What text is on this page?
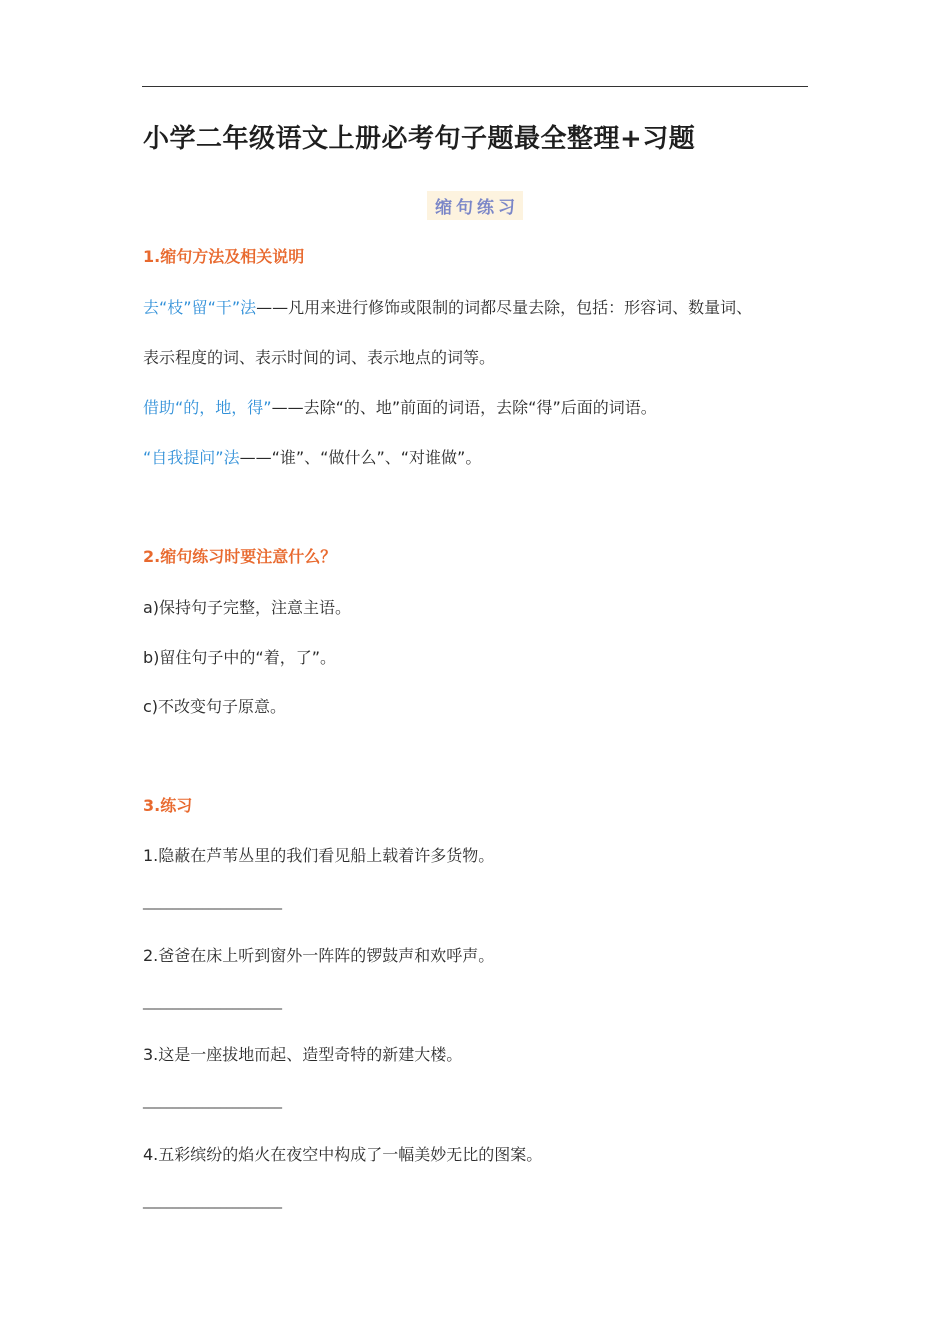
小学二年级语文上册必考句子题最全整理+习题
缩句练习
1.缩句方法及相关说明
去“枝”留“干”法——凡用来进行修饰或限制的词都尽量去除，包括：形容词、数量词、
表示程度的词、表示时间的词、表示地点的词等。
借助“的，地，得”——去除“的、地”前面的词语，去除“得”后面的词语。
“自我提问”法——“谁”、“做什么”、“对谁做”。
2.缩句练习时要注意什么？
a)保持句子完整，注意主语。
b)留住句子中的“着，了”。
c)不改变句子原意。
3.练习
1.隐蔽在芦苇丛里的我们看见船上载着许多货物。
_______________________
2.爸爸在床上听到窗外一阵阵的锣鼓声和欢呼声。
_______________________
3.这是一座拔地而起、造型奇特的新建大楼。
_______________________
4.五彩缤纷的焰火在夜空中构成了一幅美妙无比的图案。
_______________________
